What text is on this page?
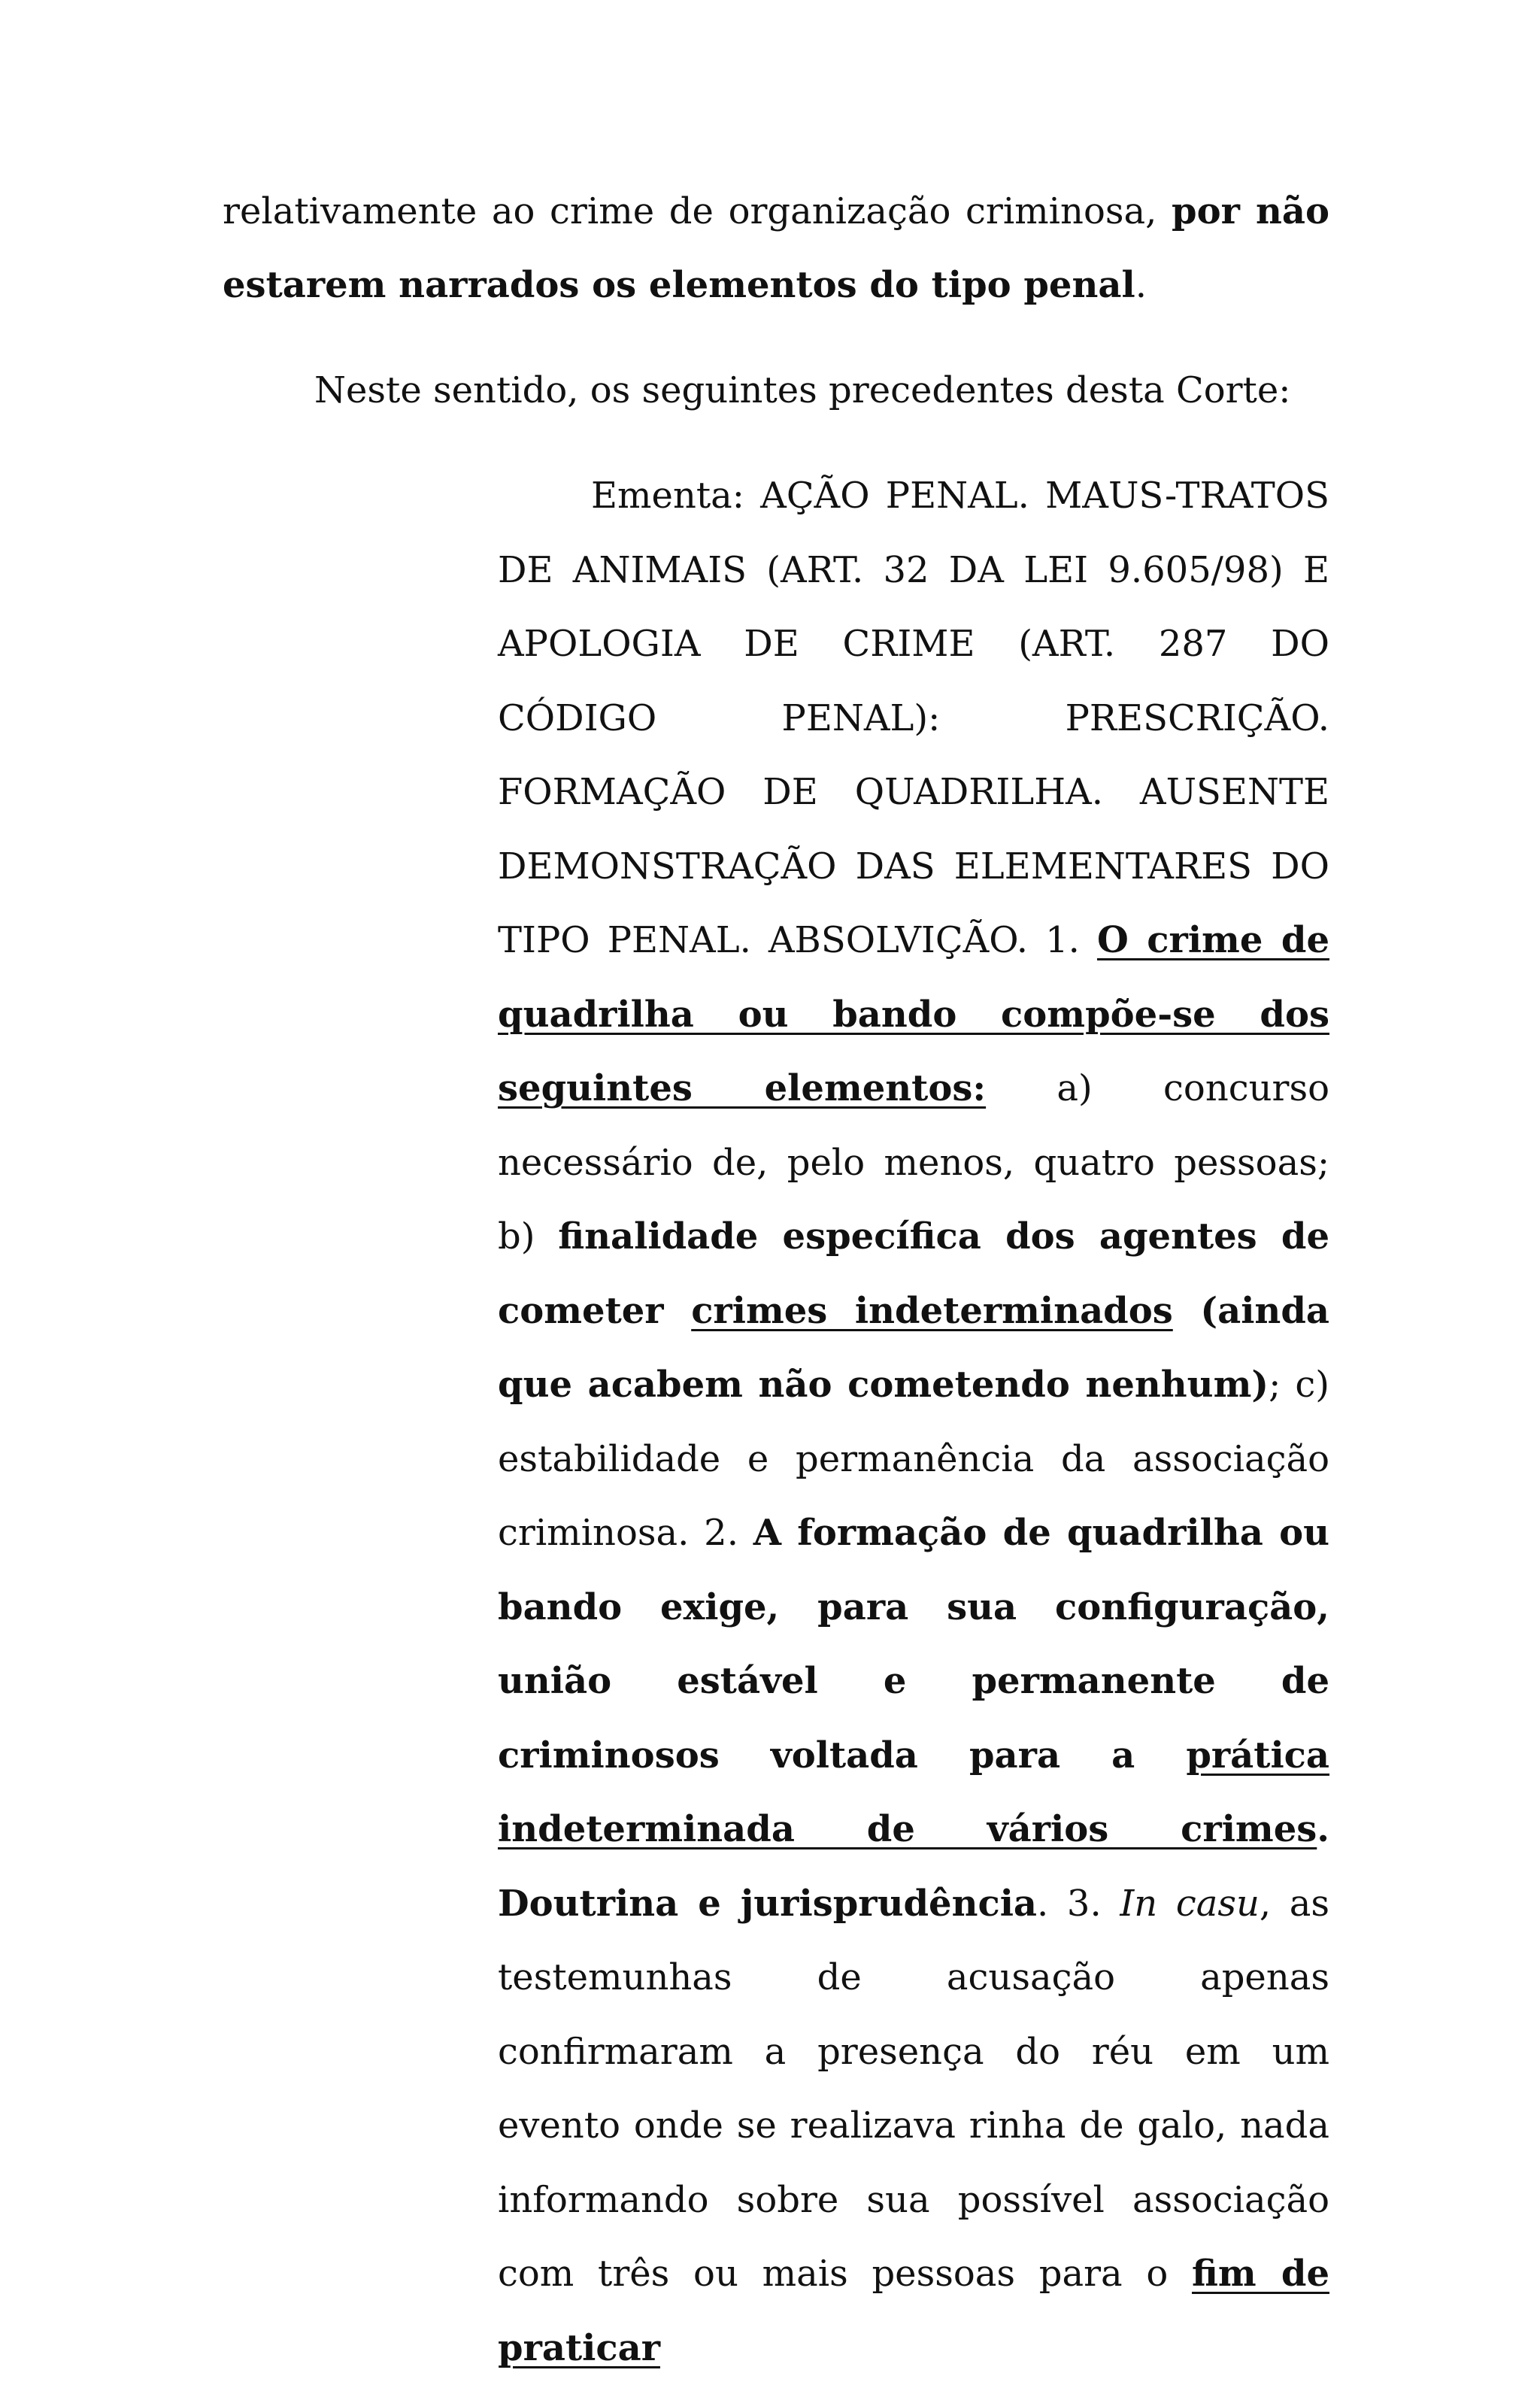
relativamente ao crime de organização criminosa, por não estarem narrados os elementos do tipo penal.

Neste sentido, os seguintes precedentes desta Corte:

Ementa: AÇÃO PENAL. MAUS-TRATOS DE ANIMAIS (ART. 32 DA LEI 9.605/98) E APOLOGIA DE CRIME (ART. 287 DO CÓDIGO PENAL): PRESCRIÇÃO. FORMAÇÃO DE QUADRILHA. AUSENTE DEMONSTRAÇÃO DAS ELEMENTARES DO TIPO PENAL. ABSOLVIÇÃO. 1. O crime de quadrilha ou bando compõe-se dos seguintes elementos: a) concurso necessário de, pelo menos, quatro pessoas; b) finalidade específica dos agentes de cometer crimes indeterminados (ainda que acabem não cometendo nenhum); c) estabilidade e permanência da associação criminosa. 2. A formação de quadrilha ou bando exige, para sua configuração, união estável e permanente de criminosos voltada para a prática indeterminada de vários crimes. Doutrina e jurisprudência. 3. In casu, as testemunhas de acusação apenas confirmaram a presença do réu em um evento onde se realizava rinha de galo, nada informando sobre sua possível associação com três ou mais pessoas para o fim de praticar
